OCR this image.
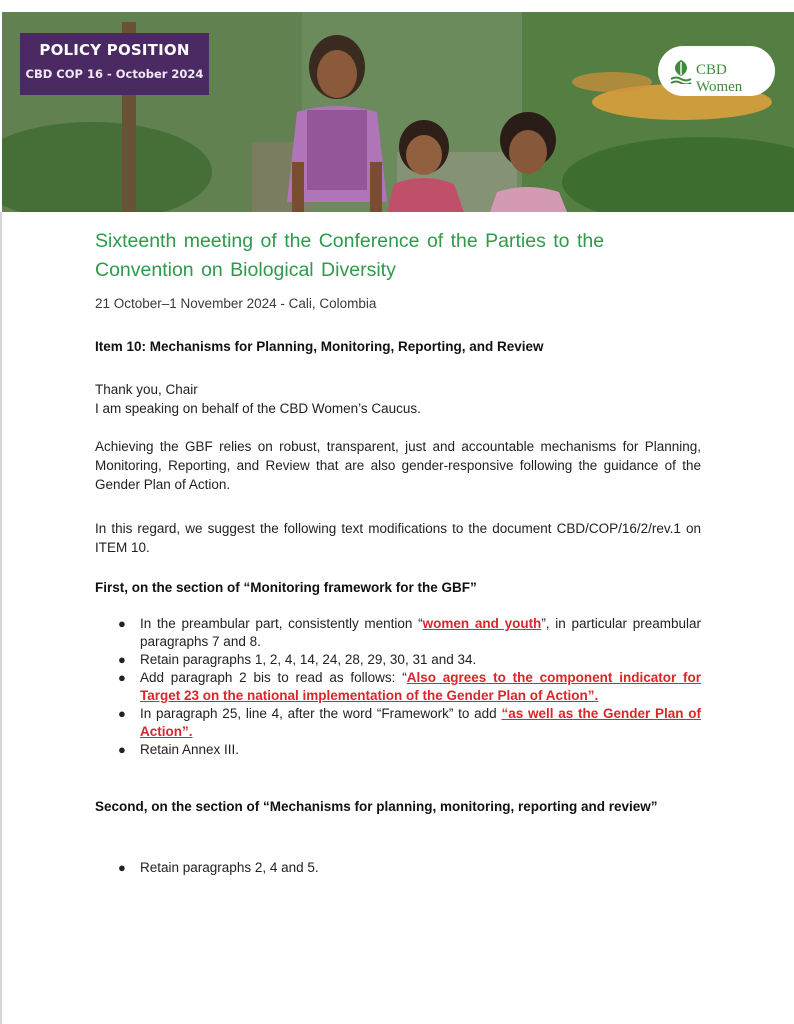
POLICY POSITION
CBD COP 16 - October 2024	CBD Women
Sixteenth meeting of the Conference of the Parties to the
Convention on Biological Diversity
21 October–1 November 2024 - Cali, Colombia
Item 10: Mechanisms for Planning, Monitoring, Reporting, and Review
Thank you, Chair
I am speaking on behalf of the CBD Women’s Caucus.
Achieving the GBF relies on robust, transparent, just and accountable mechanisms for Planning, Monitoring, Reporting, and Review that are also gender-responsive following the guidance of the Gender Plan of Action.
In this regard, we suggest the following text modifications to the document CBD/COP/16/2/rev.1 on ITEM 10.
First, on the section of “Monitoring framework for the GBF”
● In the preambular part, consistently mention “women and youth”, in particular preambular paragraphs 7 and 8.
● Retain paragraphs 1, 2, 4, 14, 24, 28, 29, 30, 31 and 34.
● Add paragraph 2 bis to read as follows: “Also agrees to the component indicator for Target 23 on the national implementation of the Gender Plan of Action”.
● In paragraph 25, line 4, after the word “Framework” to add “as well as the Gender Plan of Action”.
● Retain Annex III.
Second, on the section of “Mechanisms for planning, monitoring, reporting and review”
● Retain paragraphs 2, 4 and 5.
